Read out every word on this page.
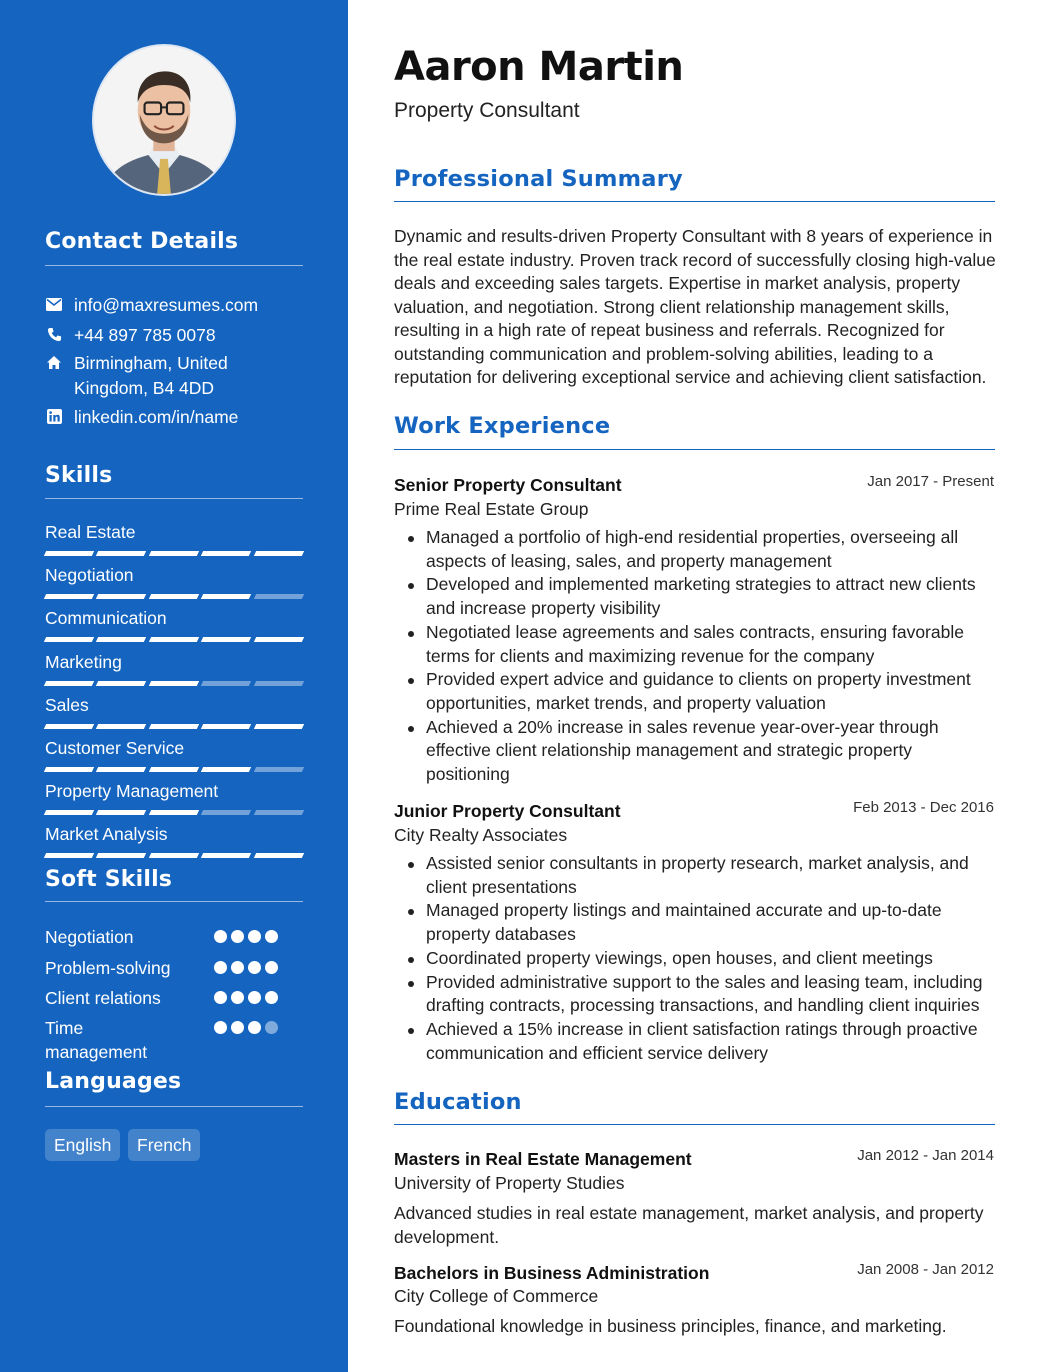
Contact Details
info@maxresumes.com
+44 897 785 0078
Birmingham, United
Kingdom, B4 4DD
linkedin.com/in/name
Skills
Real Estate
Negotiation
Communication
Marketing
Sales
Customer Service
Property Management
Market Analysis
Soft Skills
Negotiation
Problem-solving
Client relations
Time
management
Languages
English	French
Aaron Martin
Property Consultant
Professional Summary

Dynamic and results-driven Property Consultant with 8 years of experience in the real estate industry. Proven track record of successfully closing high-value deals and exceeding sales targets. Expertise in market analysis, property valuation, and negotiation. Strong client relationship management skills, resulting in a high rate of repeat business and referrals. Recognized for outstanding communication and problem-solving abilities, leading to a reputation for delivering exceptional service and achieving client satisfaction.

Work Experience
Senior Property Consultant	Jan 2017 - Present
Prime Real Estate Group
Managed a portfolio of high-end residential properties, overseeing all aspects of leasing, sales, and property management
Developed and implemented marketing strategies to attract new clients and increase property visibility
Negotiated lease agreements and sales contracts, ensuring favorable terms for clients and maximizing revenue for the company
Provided expert advice and guidance to clients on property investment opportunities, market trends, and property valuation
Achieved a 20% increase in sales revenue year-over-year through effective client relationship management and strategic property positioning
Junior Property Consultant	Feb 2013 - Dec 2016
City Realty Associates
Assisted senior consultants in property research, market analysis, and client presentations
Managed property listings and maintained accurate and up-to-date property databases
Coordinated property viewings, open houses, and client meetings
Provided administrative support to the sales and leasing team, including drafting contracts, processing transactions, and handling client inquiries
Achieved a 15% increase in client satisfaction ratings through proactive communication and efficient service delivery
Education
Masters in Real Estate Management	Jan 2012 - Jan 2014
University of Property Studies

Advanced studies in real estate management, market analysis, and property development.

Bachelors in Business Administration	Jan 2008 - Jan 2012
City College of Commerce

Foundational knowledge in business principles, finance, and marketing.
